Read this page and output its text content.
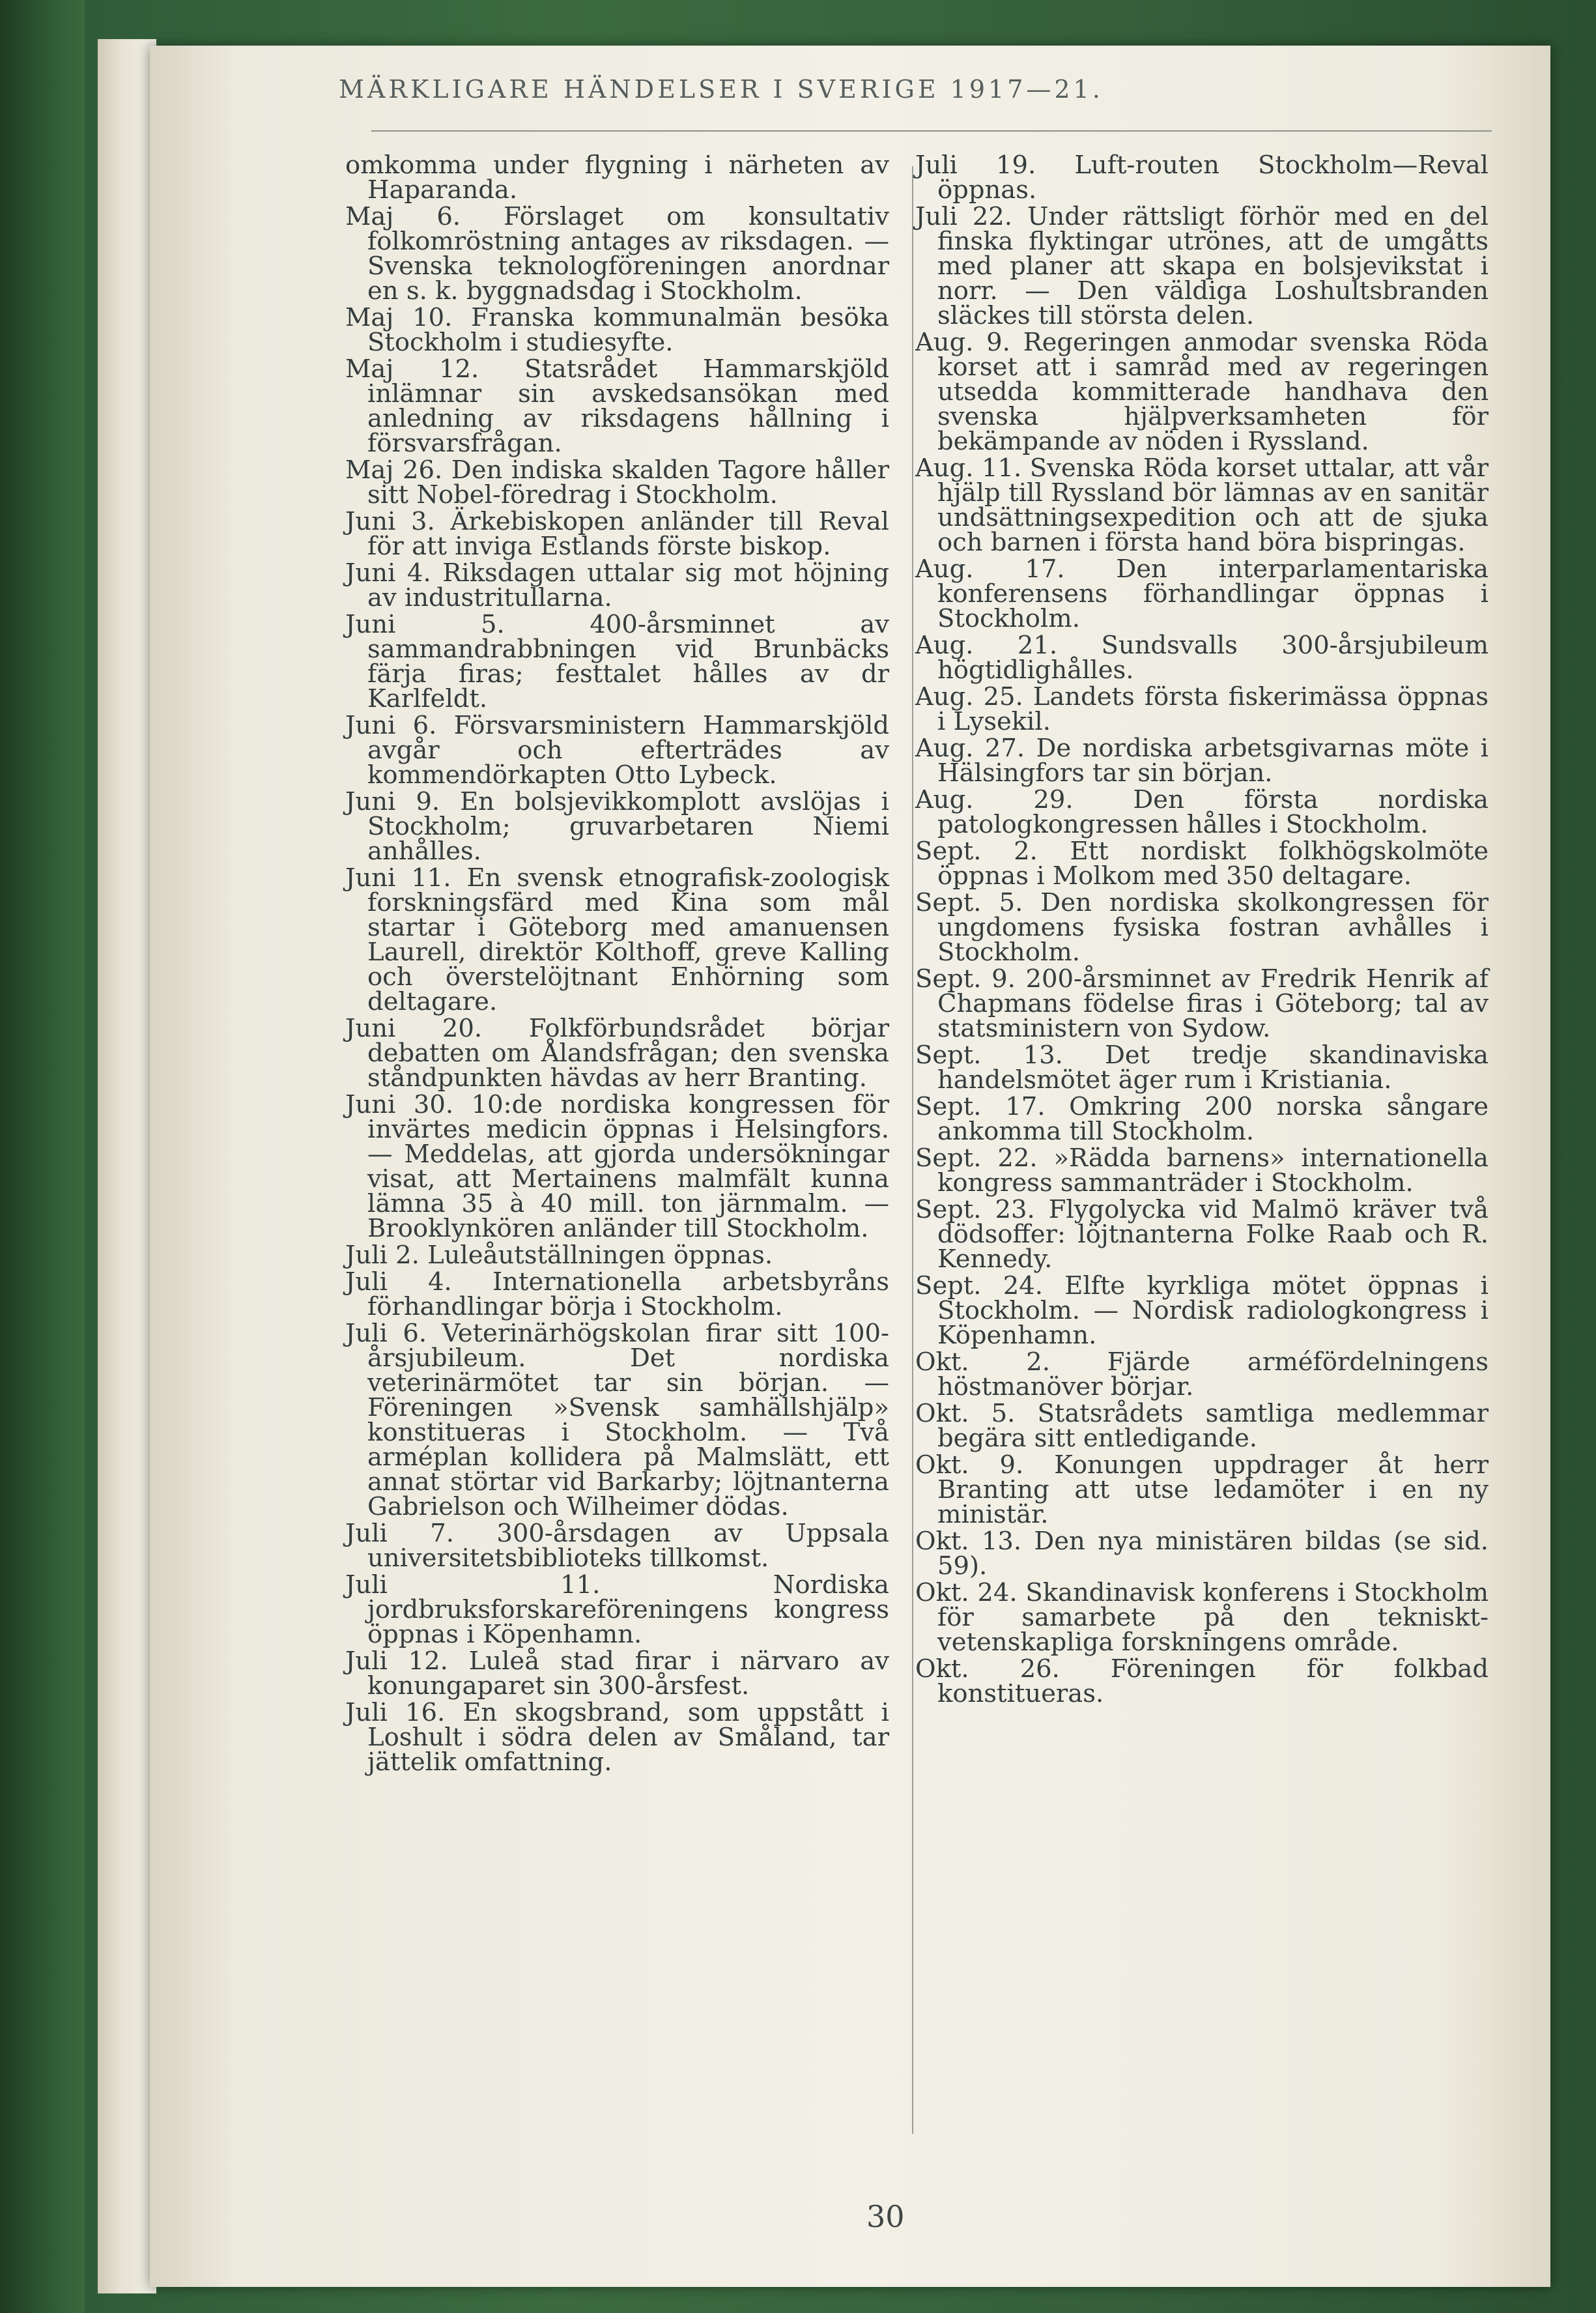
MÄRKLIGARE HÄNDELSER I SVERIGE 1917—21.

omkomma under flygning i närheten av Haparanda.

Maj 6. Förslaget om konsultativ folkomröstning antages av riksdagen. — Svenska teknologföreningen anordnar en s. k. byggnadsdag i Stockholm.

Maj 10. Franska kommunalmän besöka Stockholm i studiesyfte.

Maj 12. Statsrådet Hammarskjöld inlämnar sin avskedsansökan med anledning av riksdagens hållning i försvarsfrågan.

Maj 26. Den indiska skalden Tagore håller sitt Nobel-föredrag i Stockholm.

Juni 3. Ärkebiskopen anländer till Reval för att inviga Estlands förste biskop.

Juni 4. Riksdagen uttalar sig mot höjning av industritullarna.

Juni 5. 400-årsminnet av sammandrabbningen vid Brunbäcks färja firas; festtalet hålles av dr Karlfeldt.

Juni 6. Försvarsministern Hammarskjöld avgår och efterträdes av kommendörkapten Otto Lybeck.

Juni 9. En bolsjevikkomplott avslöjas i Stockholm; gruvarbetaren Niemi anhålles.

Juni 11. En svensk etnografisk-zoologisk forskningsfärd med Kina som mål startar i Göteborg med amanuensen Laurell, direktör Kolthoff, greve Kalling och överstelöjtnant Enhörning som deltagare.

Juni 20. Folkförbundsrådet börjar debatten om Ålandsfrågan; den svenska ståndpunkten hävdas av herr Branting.

Juni 30. 10:de nordiska kongressen för invärtes medicin öppnas i Helsingfors. — Meddelas, att gjorda undersökningar visat, att Mertainens malmfält kunna lämna 35 à 40 mill. ton järnmalm. — Brooklynkören anländer till Stockholm.

Juli 2. Luleåutställningen öppnas.

Juli 4. Internationella arbetsbyråns förhandlingar börja i Stockholm.

Juli 6. Veterinärhögskolan firar sitt 100-årsjubileum. Det nordiska veterinärmötet tar sin början. — Föreningen »Svensk samhällshjälp» konstitueras i Stockholm. — Två arméplan kollidera på Malmslätt, ett annat störtar vid Barkarby; löjtnanterna Gabrielson och Wilheimer dödas.

Juli 7. 300-årsdagen av Uppsala universitetsbiblioteks tillkomst.

Juli 11. Nordiska jordbruksforskareföreningens kongress öppnas i Köpenhamn.

Juli 12. Luleå stad firar i närvaro av konungaparet sin 300-årsfest.

Juli 16. En skogsbrand, som uppstått i Loshult i södra delen av Småland, tar jättelik omfattning.

Juli 19. Luft-routen Stockholm—Reval öppnas.

Juli 22. Under rättsligt förhör med en del finska flyktingar utrönes, att de umgåtts med planer att skapa en bolsjevikstat i norr. — Den väldiga Loshultsbranden släckes till största delen.

Aug. 9. Regeringen anmodar svenska Röda korset att i samråd med av regeringen utsedda kommitterade handhava den svenska hjälpverksamheten för bekämpande av nöden i Ryssland.

Aug. 11. Svenska Röda korset uttalar, att vår hjälp till Ryssland bör lämnas av en sanitär undsättningsexpedition och att de sjuka och barnen i första hand böra bispringas.

Aug. 17. Den interparlamentariska konferensens förhandlingar öppnas i Stockholm.

Aug. 21. Sundsvalls 300-årsjubileum högtidlighålles.

Aug. 25. Landets första fiskerimässa öppnas i Lysekil.

Aug. 27. De nordiska arbetsgivarnas möte i Hälsingfors tar sin början.

Aug. 29. Den första nordiska patologkongressen hålles i Stockholm.

Sept. 2. Ett nordiskt folkhögskolmöte öppnas i Molkom med 350 deltagare.

Sept. 5. Den nordiska skolkongressen för ungdomens fysiska fostran avhålles i Stockholm.

Sept. 9. 200-årsminnet av Fredrik Henrik af Chapmans födelse firas i Göteborg; tal av statsministern von Sydow.

Sept. 13. Det tredje skandinaviska handelsmötet äger rum i Kristiania.

Sept. 17. Omkring 200 norska sångare ankomma till Stockholm.

Sept. 22. »Rädda barnens» internationella kongress sammanträder i Stockholm.

Sept. 23. Flygolycka vid Malmö kräver två dödsoffer: löjtnanterna Folke Raab och R. Kennedy.

Sept. 24. Elfte kyrkliga mötet öppnas i Stockholm. — Nordisk radiologkongress i Köpenhamn.

Okt. 2. Fjärde arméfördelningens höstmanöver börjar.

Okt. 5. Statsrådets samtliga medlemmar begära sitt entledigande.

Okt. 9. Konungen uppdrager åt herr Branting att utse ledamöter i en ny ministär.

Okt. 13. Den nya ministären bildas (se sid. 59).

Okt. 24. Skandinavisk konferens i Stockholm för samarbete på den tekniskt-vetenskapliga forskningens område.

Okt. 26. Föreningen för folkbad konstitueras.

30
